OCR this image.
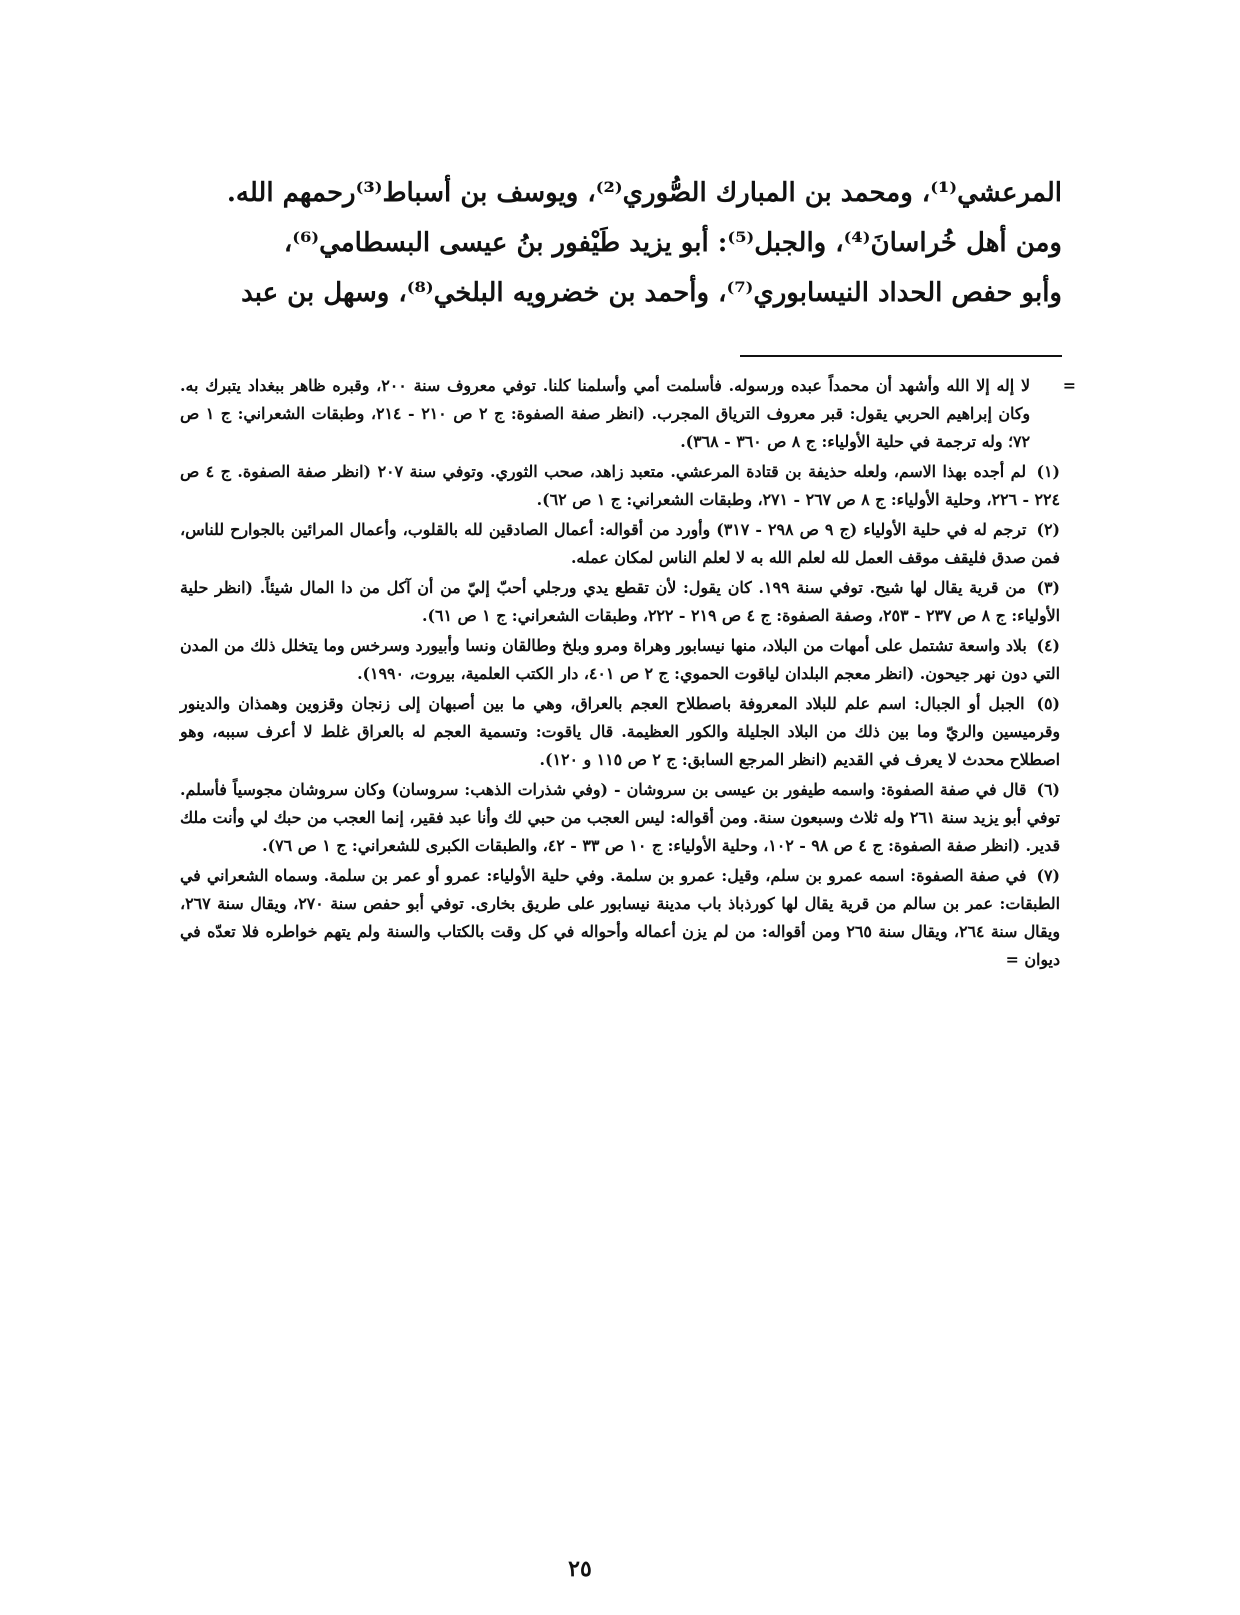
المرعشي⁽¹⁾، ومحمد بن المبارك الصُّوري⁽²⁾، ويوسف بن أسباط⁽³⁾رحمهم الله.

ومن أهل خُراسانَ⁽⁴⁾، والجبل⁽⁵⁾: أبو يزيد طَيْفور بنُ عيسى البسطامي⁽⁶⁾،

وأبو حفص الحداد النيسابوري⁽⁷⁾، وأحمد بن خضرويه البلخي⁽⁸⁾، وسهل بن عبد

=
لا إله إلا الله وأشهد أن محمداً عبده ورسوله. فأسلمت أمي وأسلمنا كلنا. توفي معروف سنة ٢٠٠، وقبره ظاهر ببغداد يتبرك به. وكان إبراهيم الحربي يقول: قبر معروف الترياق المجرب. (انظر صفة الصفوة: ج ٢ ص ٢١٠ - ٢١٤، وطبقات الشعراني: ج ١ ص ٧٢؛ وله ترجمة في حلية الأولياء: ج ٨ ص ٣٦٠ - ٣٦٨).

(١) لم أجده بهذا الاسم، ولعله حذيفة بن قتادة المرعشي. متعبد زاهد، صحب الثوري. وتوفي سنة ٢٠٧ (انظر صفة الصفوة. ج ٤ ص ٢٢٤ - ٢٢٦، وحلية الأولياء: ج ٨ ص ٢٦٧ - ٢٧١، وطبقات الشعراني: ج ١ ص ٦٢).

(٢) ترجم له في حلية الأولياء (ج ٩ ص ٢٩٨ - ٣١٧) وأورد من أقواله: أعمال الصادقين لله بالقلوب، وأعمال المرائين بالجوارح للناس، فمن صدق فليقف موقف العمل لله لعلم الله به لا لعلم الناس لمكان عمله.

(٣) من قرية يقال لها شيح. توفي سنة ١٩٩. كان يقول: لأن تقطع يدي ورجلي أحبّ إليّ من أن آكل من دا المال شيئاً. (انظر حلية الأولياء: ج ٨ ص ٢٣٧ - ٢٥٣، وصفة الصفوة: ج ٤ ص ٢١٩ - ٢٢٢، وطبقات الشعراني: ج ١ ص ٦١).

(٤) بلاد واسعة تشتمل على أمهات من البلاد، منها نيسابور وهراة ومرو وبلخ وطالقان ونسا وأبيورد وسرخس وما يتخلل ذلك من المدن التي دون نهر جيحون. (انظر معجم البلدان لياقوت الحموي: ج ٢ ص ٤٠١، دار الكتب العلمية، بيروت، ١٩٩٠).

(٥) الجبل أو الجبال: اسم علم للبلاد المعروفة باصطلاح العجم بالعراق، وهي ما بين أصبهان إلى زنجان وقزوين وهمذان والدينور وقرميسين والريّ وما بين ذلك من البلاد الجليلة والكور العظيمة. قال ياقوت: وتسمية العجم له بالعراق غلط لا أعرف سببه، وهو اصطلاح محدث لا يعرف في القديم (انظر المرجع السابق: ج ٢ ص ١١٥ و ١٢٠).

(٦) قال في صفة الصفوة: واسمه طيفور بن عيسى بن سروشان - (وفي شذرات الذهب: سروسان) وكان سروشان مجوسياً فأسلم. توفي أبو يزيد سنة ٢٦١ وله ثلاث وسبعون سنة. ومن أقواله: ليس العجب من حبي لك وأنا عبد فقير، إنما العجب من حبك لي وأنت ملك قدير. (انظر صفة الصفوة: ج ٤ ص ٩٨ - ١٠٢، وحلية الأولياء: ج ١٠ ص ٣٣ - ٤٢، والطبقات الكبرى للشعراني: ج ١ ص ٧٦).

(٧) في صفة الصفوة: اسمه عمرو بن سلم، وقيل: عمرو بن سلمة. وفي حلية الأولياء: عمرو أو عمر بن سلمة. وسماه الشعراني في الطبقات: عمر بن سالم من قرية يقال لها كورذباذ باب مدينة نيسابور على طريق بخارى. توفي أبو حفص سنة ٢٧٠، ويقال سنة ٢٦٧، ويقال سنة ٢٦٤، ويقال سنة ٢٦٥ ومن أقواله: من لم يزن أعماله وأحواله في كل وقت بالكتاب والسنة ولم يتهم خواطره فلا تعدّه في ديوان =

٢٥
